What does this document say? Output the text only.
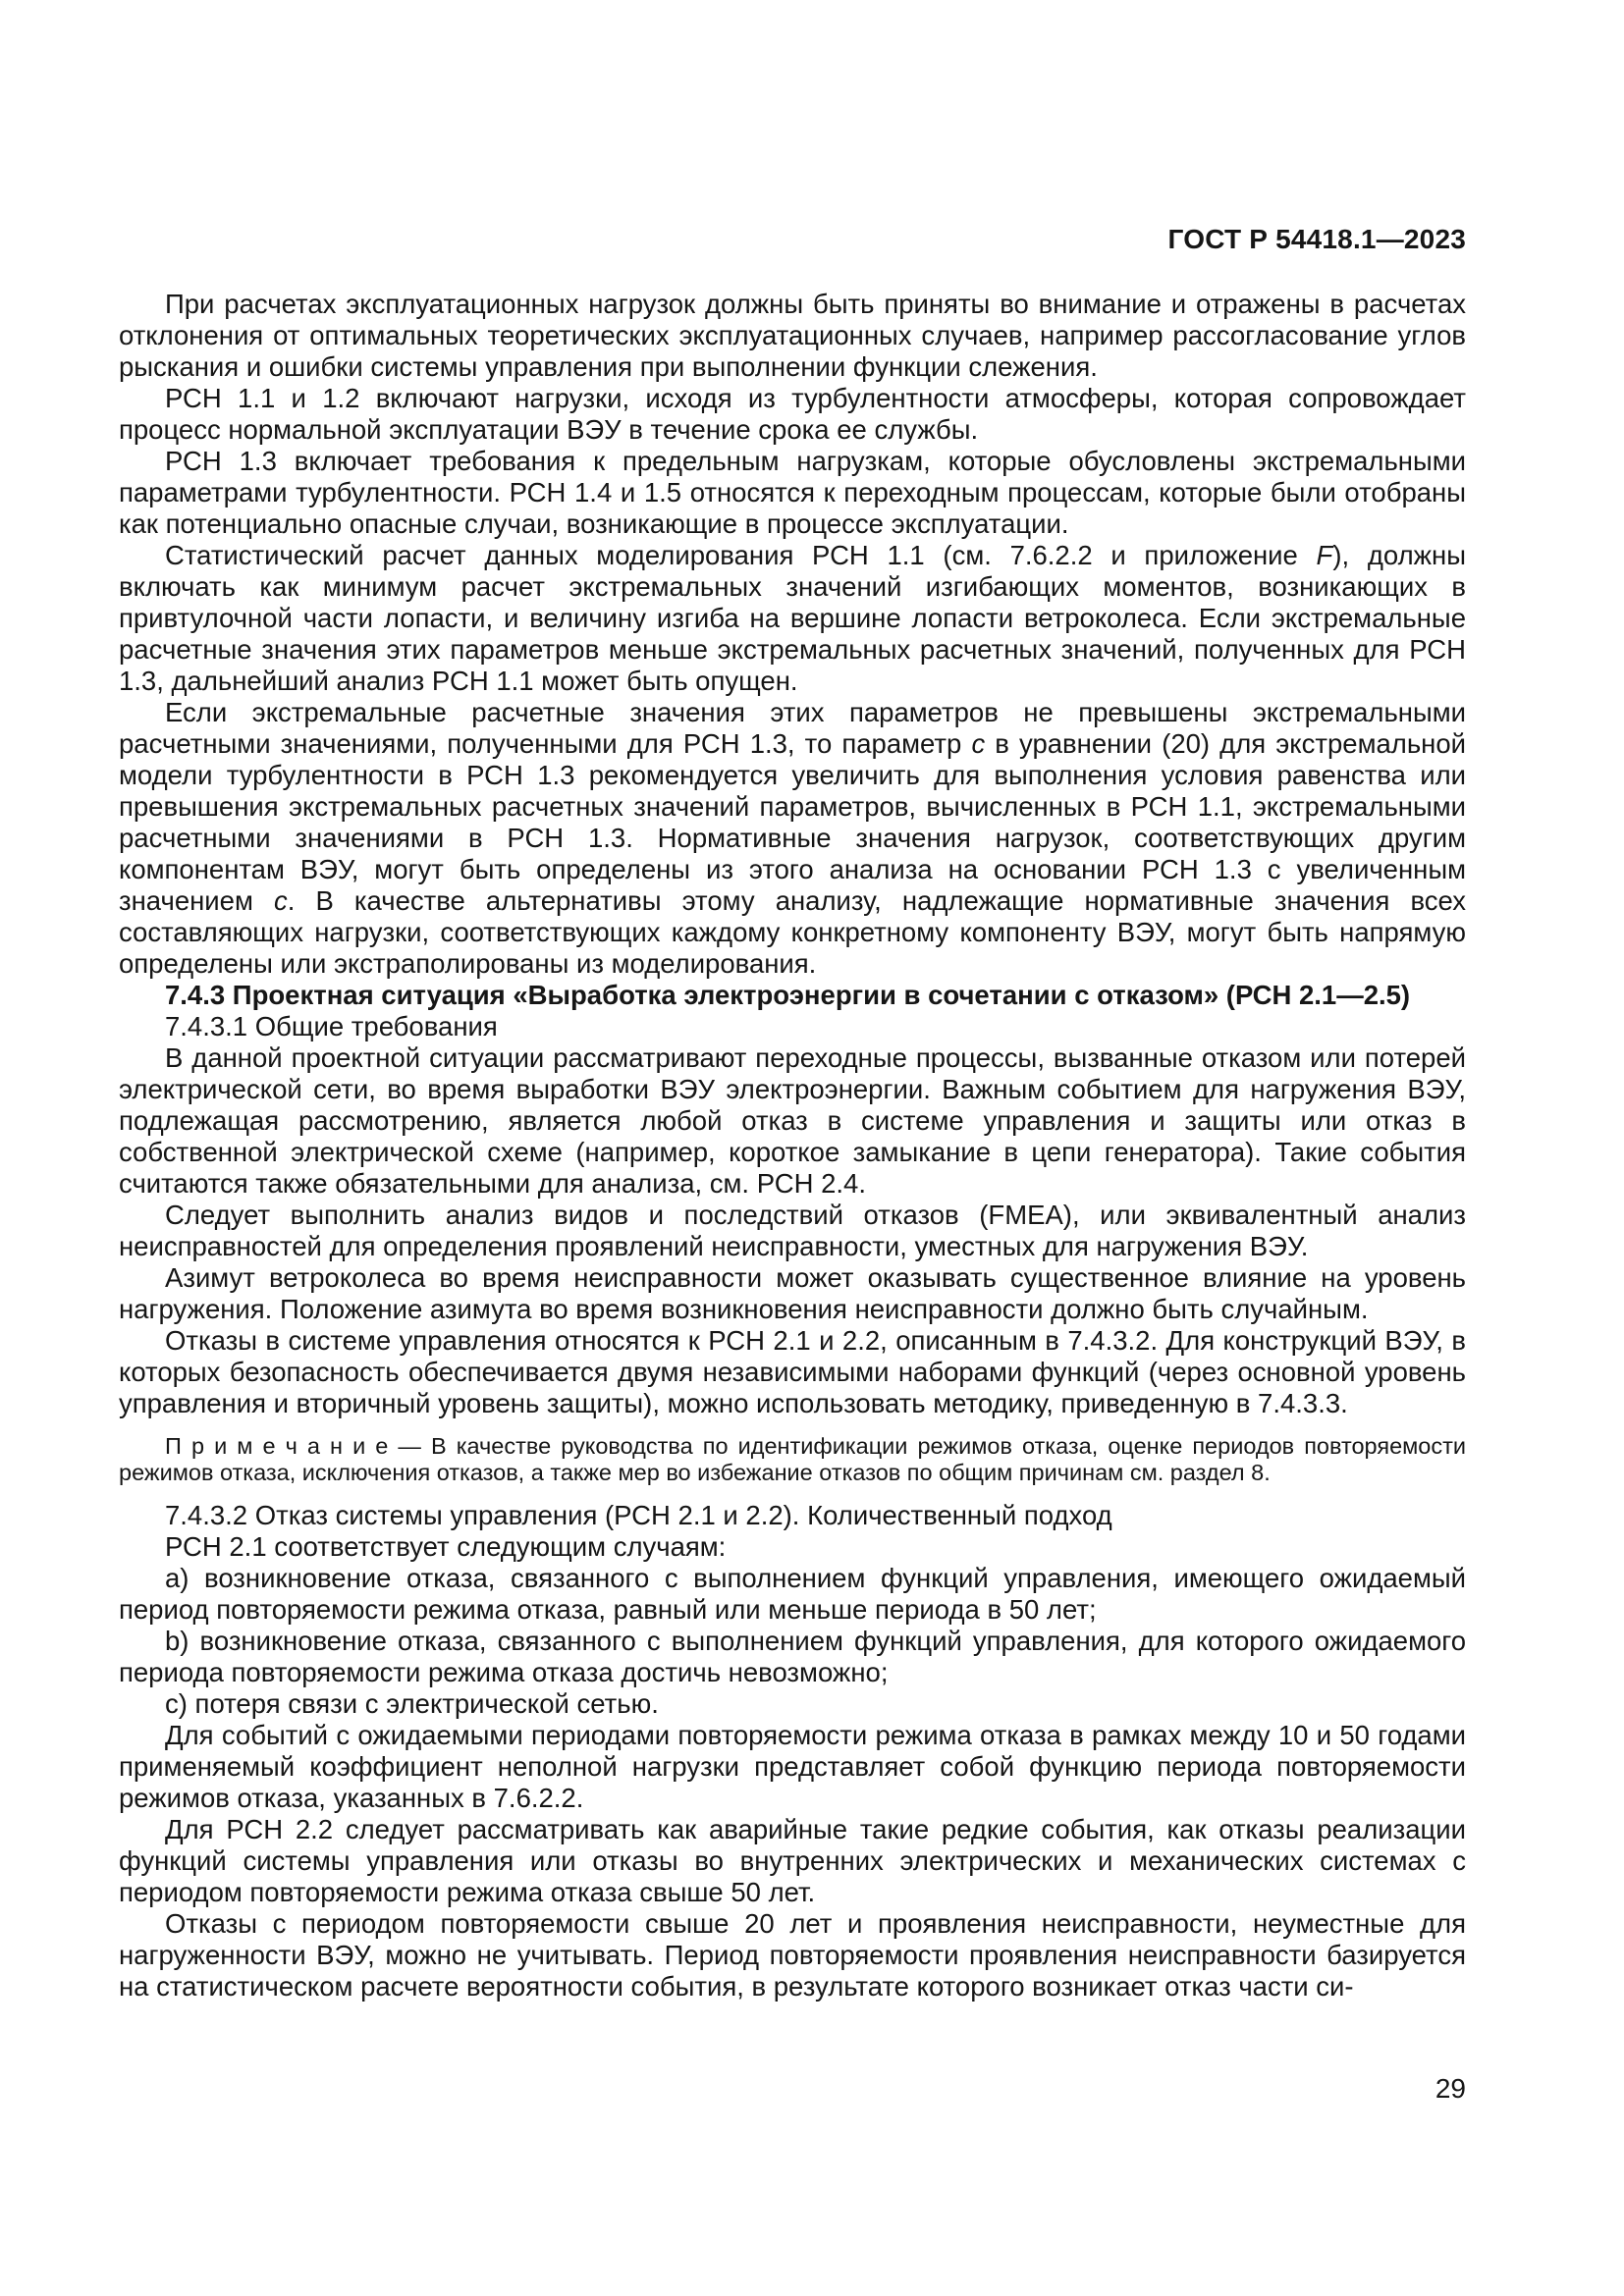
ГОСТ Р 54418.1—2023

При расчетах эксплуатационных нагрузок должны быть приняты во внимание и отражены в расчетах отклонения от оптимальных теоретических эксплуатационных случаев, например рассогласование углов рыскания и ошибки системы управления при выполнении функции слежения.

РСН 1.1 и 1.2 включают нагрузки, исходя из турбулентности атмосферы, которая сопровождает процесс нормальной эксплуатации ВЭУ в течение срока ее службы.

РСН 1.3 включает требования к предельным нагрузкам, которые обусловлены экстремальными параметрами турбулентности. РСН 1.4 и 1.5 относятся к переходным процессам, которые были отобраны как потенциально опасные случаи, возникающие в процессе эксплуатации.

Статистический расчет данных моделирования РСН 1.1 (см. 7.6.2.2 и приложение F), должны включать как минимум расчет экстремальных значений изгибающих моментов, возникающих в привтулочной части лопасти, и величину изгиба на вершине лопасти ветроколеса. Если экстремальные расчетные значения этих параметров меньше экстремальных расчетных значений, полученных для РСН 1.3, дальнейший анализ РСН 1.1 может быть опущен.

Если экстремальные расчетные значения этих параметров не превышены экстремальными расчетными значениями, полученными для РСН 1.3, то параметр c в уравнении (20) для экстремальной модели турбулентности в РСН 1.3 рекомендуется увеличить для выполнения условия равенства или превышения экстремальных расчетных значений параметров, вычисленных в РСН 1.1, экстремальными расчетными значениями в РСН 1.3. Нормативные значения нагрузок, соответствующих другим компонентам ВЭУ, могут быть определены из этого анализа на основании РСН 1.3 с увеличенным значением c. В качестве альтернативы этому анализу, надлежащие нормативные значения всех составляющих нагрузки, соответствующих каждому конкретному компоненту ВЭУ, могут быть напрямую определены или экстраполированы из моделирования.

7.4.3 Проектная ситуация «Выработка электроэнергии в сочетании с отказом» (РСН 2.1—2.5)

7.4.3.1 Общие требования

В данной проектной ситуации рассматривают переходные процессы, вызванные отказом или потерей электрической сети, во время выработки ВЭУ электроэнергии. Важным событием для нагружения ВЭУ, подлежащая рассмотрению, является любой отказ в системе управления и защиты или отказ в собственной электрической схеме (например, короткое замыкание в цепи генератора). Такие события считаются также обязательными для анализа, см. РСН 2.4.

Следует выполнить анализ видов и последствий отказов (FMEA), или эквивалентный анализ неисправностей для определения проявлений неисправности, уместных для нагружения ВЭУ.

Азимут ветроколеса во время неисправности может оказывать существенное влияние на уровень нагружения. Положение азимута во время возникновения неисправности должно быть случайным.

Отказы в системе управления относятся к РСН 2.1 и 2.2, описанным в 7.4.3.2. Для конструкций ВЭУ, в которых безопасность обеспечивается двумя независимыми наборами функций (через основной уровень управления и вторичный уровень защиты), можно использовать методику, приведенную в 7.4.3.3.

П р и м е ч а н и е — В качестве руководства по идентификации режимов отказа, оценке периодов повторяемости режимов отказа, исключения отказов, а также мер во избежание отказов по общим причинам см. раздел 8.

7.4.3.2 Отказ системы управления (РСН 2.1 и 2.2). Количественный подход

РСН 2.1 соответствует следующим случаям:

a) возникновение отказа, связанного с выполнением функций управления, имеющего ожидаемый период повторяемости режима отказа, равный или меньше периода в 50 лет;

b) возникновение отказа, связанного с выполнением функций управления, для которого ожидаемого периода повторяемости режима отказа достичь невозможно;

c) потеря связи с электрической сетью.

Для событий с ожидаемыми периодами повторяемости режима отказа в рамках между 10 и 50 годами применяемый коэффициент неполной нагрузки представляет собой функцию периода повторяемости режимов отказа, указанных в 7.6.2.2.

Для РСН 2.2 следует рассматривать как аварийные такие редкие события, как отказы реализации функций системы управления или отказы во внутренних электрических и механических системах с периодом повторяемости режима отказа свыше 50 лет.

Отказы с периодом повторяемости свыше 20 лет и проявления неисправности, неуместные для нагруженности ВЭУ, можно не учитывать. Период повторяемости проявления неисправности базируется на статистическом расчете вероятности события, в результате которого возникает отказ части си-

29
